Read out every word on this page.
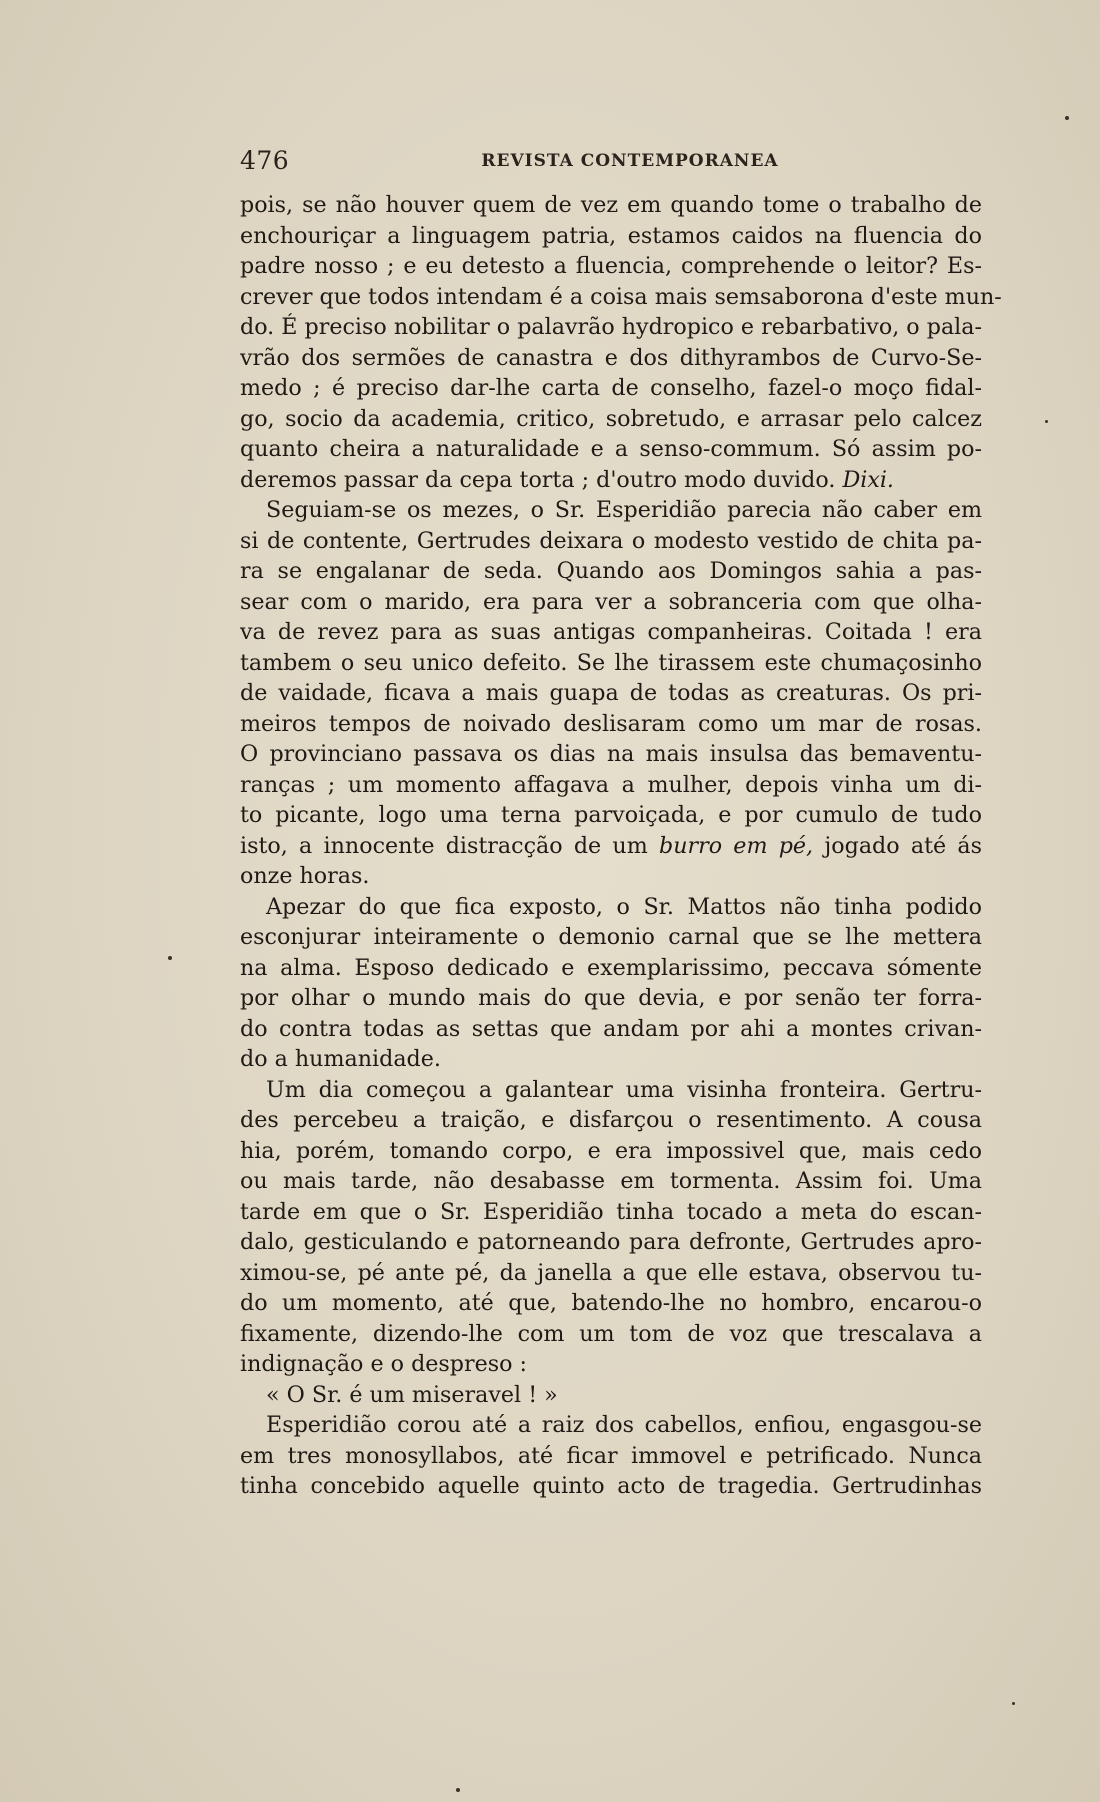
476	REVISTA CONTEMPORANEA
pois, se não houver quem de vez em quando tome o trabalho de
enchouriçar a linguagem patria, estamos caidos na fluencia do
padre nosso ; e eu detesto a fluencia, comprehende o leitor? Es-
crever que todos intendam é a coisa mais semsaborona d'este mun-
do. É preciso nobilitar o palavrão hydropico e rebarbativo, o pala-
vrão dos sermões de canastra e dos dithyrambos de Curvo-Se-
medo ; é preciso dar-lhe carta de conselho, fazel-o moço fidal-
go, socio da academia, critico, sobretudo, e arrasar pelo calcez
quanto cheira a naturalidade e a senso-commum. Só assim po-
deremos passar da cepa torta ; d'outro modo duvido. Dixi.
Seguiam-se os mezes, o Sr. Esperidião parecia não caber em
si de contente, Gertrudes deixara o modesto vestido de chita pa-
ra se engalanar de seda. Quando aos Domingos sahia a pas-
sear com o marido, era para ver a sobranceria com que olha-
va de revez para as suas antigas companheiras. Coitada ! era
tambem o seu unico defeito. Se lhe tirassem este chumaçosinho
de vaidade, ficava a mais guapa de todas as creaturas. Os pri-
meiros tempos de noivado deslisaram como um mar de rosas.
O provinciano passava os dias na mais insulsa das bemaventu-
ranças ; um momento affagava a mulher, depois vinha um di-
to picante, logo uma terna parvoiçada, e por cumulo de tudo
isto, a innocente distracção de um burro em pé, jogado até ás
onze horas.
Apezar do que fica exposto, o Sr. Mattos não tinha podido
esconjurar inteiramente o demonio carnal que se lhe mettera
na alma. Esposo dedicado e exemplarissimo, peccava sómente
por olhar o mundo mais do que devia, e por senão ter forra-
do contra todas as settas que andam por ahi a montes crivan-
do a humanidade.
Um dia começou a galantear uma visinha fronteira. Gertru-
des percebeu a traição, e disfarçou o resentimento. A cousa
hia, porém, tomando corpo, e era impossivel que, mais cedo
ou mais tarde, não desabasse em tormenta. Assim foi. Uma
tarde em que o Sr. Esperidião tinha tocado a meta do escan-
dalo, gesticulando e patorneando para defronte, Gertrudes apro-
ximou-se, pé ante pé, da janella a que elle estava, observou tu-
do um momento, até que, batendo-lhe no hombro, encarou-o
fixamente, dizendo-lhe com um tom de voz que trescalava a
indignação e o despreso :
« O Sr. é um miseravel ! »
Esperidião corou até a raiz dos cabellos, enfiou, engasgou-se
em tres monosyllabos, até ficar immovel e petrificado. Nunca
tinha concebido aquelle quinto acto de tragedia. Gertrudinhas
